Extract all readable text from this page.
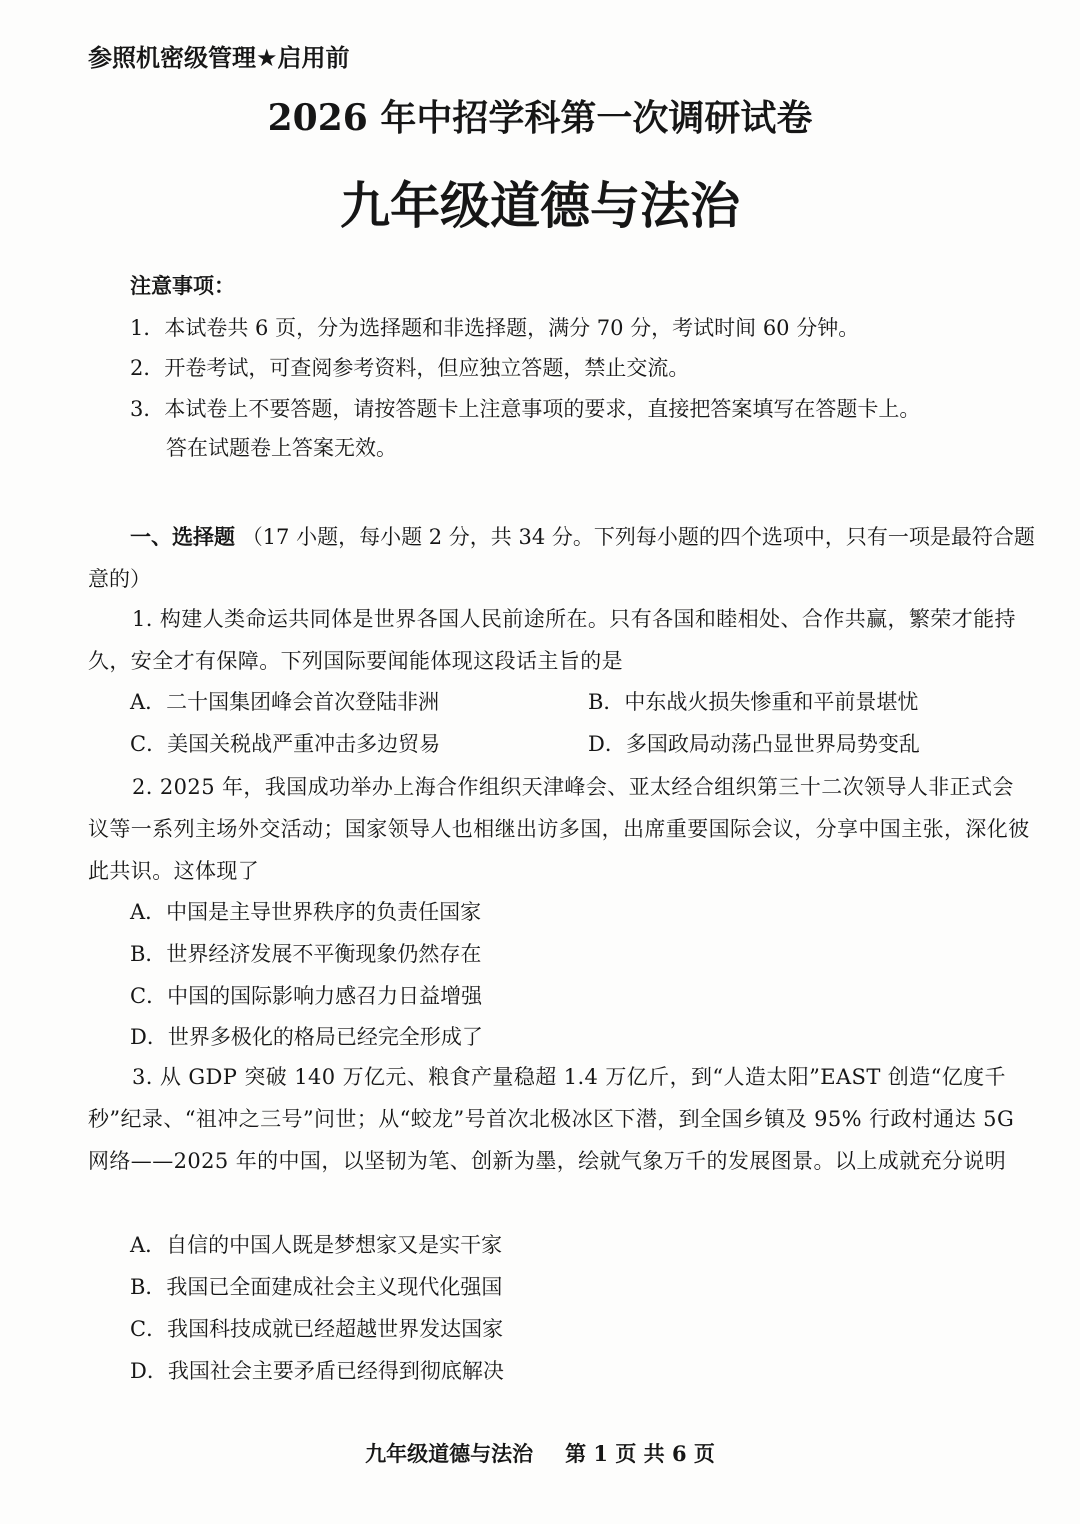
参照机密级管理★启用前
2026 年中招学科第一次调研试卷
九年级道德与法治
注意事项：
1．本试卷共 6 页，分为选择题和非选择题，满分 70 分，考试时间 60 分钟。
2．开卷考试，可查阅参考资料，但应独立答题，禁止交流。
3．本试卷上不要答题，请按答题卡上注意事项的要求，直接把答案填写在答题卡上。
答在试题卷上答案无效。
一、选择题 （17 小题，每小题 2 分，共 34 分。下列每小题的四个选项中，只有一项是最符合题意的）
1. 构建人类命运共同体是世界各国人民前途所在。只有各国和睦相处、合作共赢，繁荣才能持久，安全才有保障。下列国际要闻能体现这段话主旨的是
A．二十国集团峰会首次登陆非洲	B．中东战火损失惨重和平前景堪忧
C．美国关税战严重冲击多边贸易	D．多国政局动荡凸显世界局势变乱
2. 2025 年，我国成功举办上海合作组织天津峰会、亚太经合组织第三十二次领导人非正式会议等一系列主场外交活动；国家领导人也相继出访多国，出席重要国际会议，分享中国主张，深化彼此共识。这体现了
A．中国是主导世界秩序的负责任国家
B．世界经济发展不平衡现象仍然存在
C．中国的国际影响力感召力日益增强
D．世界多极化的格局已经完全形成了
3. 从 GDP 突破 140 万亿元、粮食产量稳超 1.4 万亿斤，到“人造太阳”EAST 创造“亿度千秒”纪录、“祖冲之三号”问世；从“蛟龙”号首次北极冰区下潜，到全国乡镇及 95% 行政村通达 5G 网络——2025 年的中国，以坚韧为笔、创新为墨，绘就气象万千的发展图景。以上成就充分说明
A．自信的中国人既是梦想家又是实干家
B．我国已全面建成社会主义现代化强国
C．我国科技成就已经超越世界发达国家
D．我国社会主要矛盾已经得到彻底解决
九年级道德与法治 第 1 页 共 6 页
